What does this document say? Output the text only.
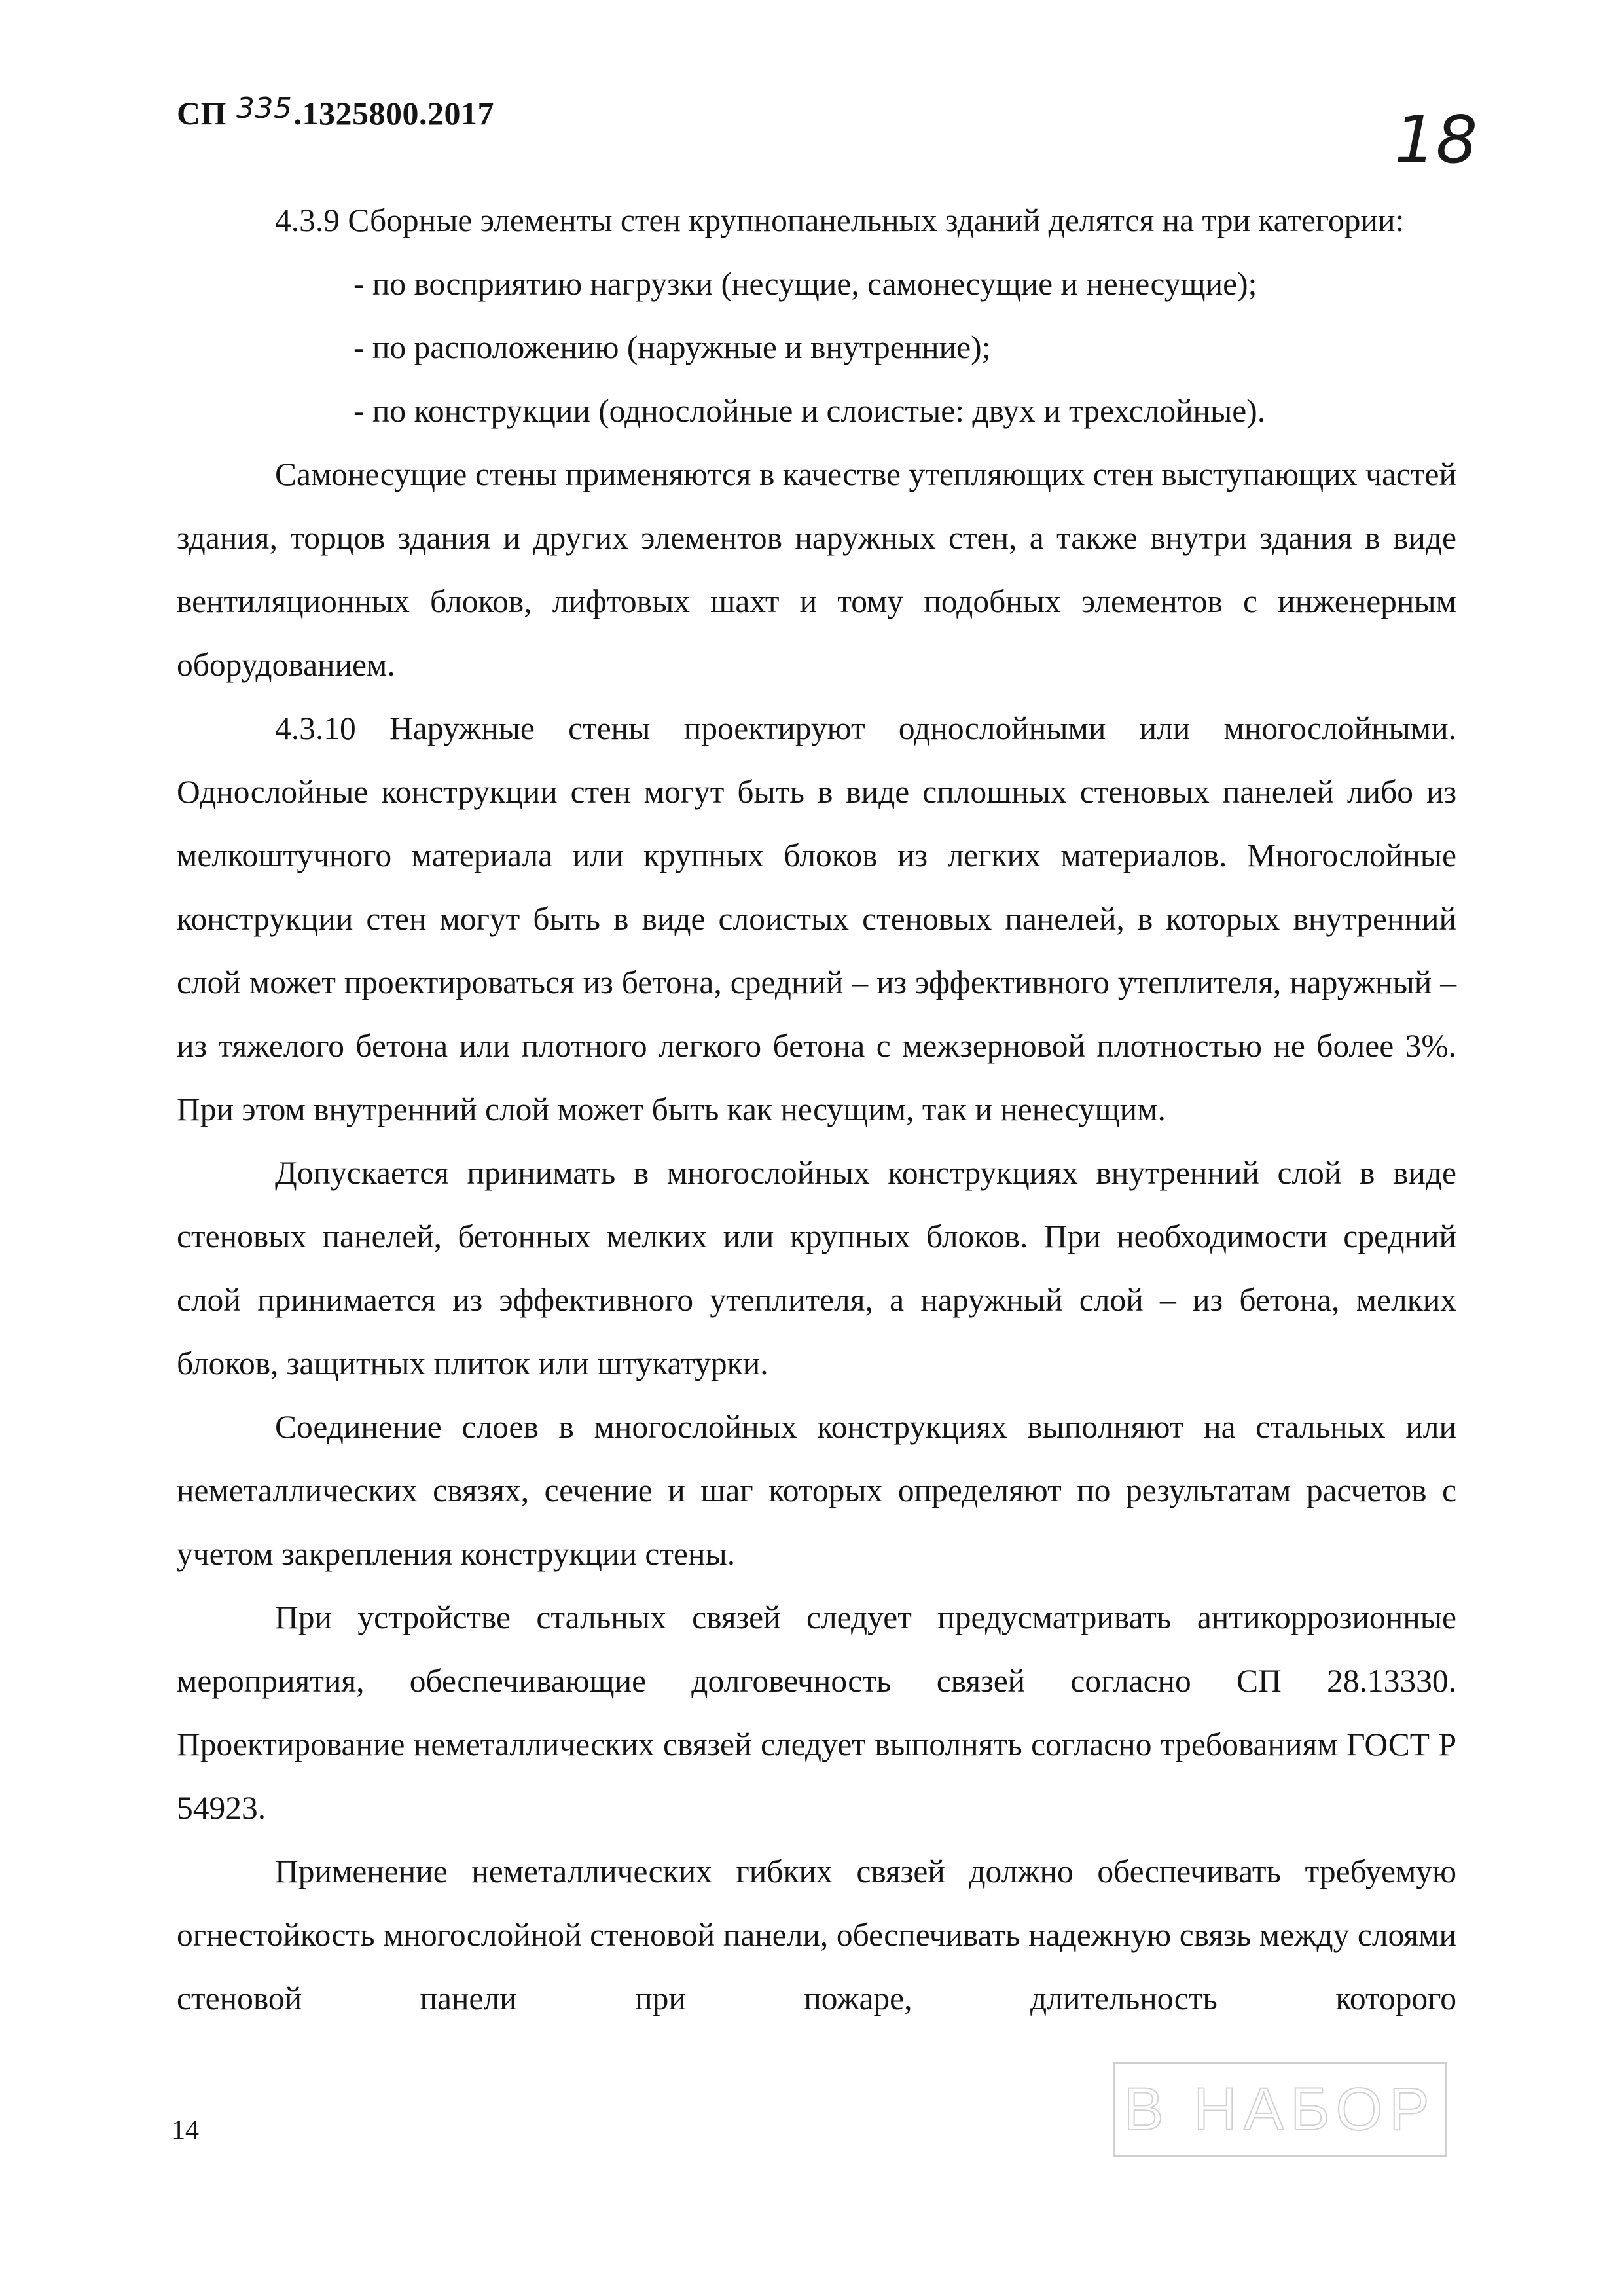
СП 335.1325800.2017	18

4.3.9 Сборные элементы стен крупнопанельных зданий делятся на три категории:

- по восприятию нагрузки (несущие, самонесущие и ненесущие);

- по расположению (наружные и внутренние);

- по конструкции (однослойные и слоистые: двух и трехслойные).

Самонесущие стены применяются в качестве утепляющих стен выступающих частей здания, торцов здания и других элементов наружных стен, а также внутри здания в виде вентиляционных блоков, лифтовых шахт и тому подобных элементов с инженерным оборудованием.

4.3.10 Наружные стены проектируют однослойными или многослойными. Однослойные конструкции стен могут быть в виде сплошных стеновых панелей либо из мелкоштучного материала или крупных блоков из легких материалов. Многослойные конструкции стен могут быть в виде слоистых стеновых панелей, в которых внутренний слой может проектироваться из бетона, средний – из эффективного утеплителя, наружный – из тяжелого бетона или плотного легкого бетона с межзерновой плотностью не более 3%. При этом внутренний слой может быть как несущим, так и ненесущим.

Допускается принимать в многослойных конструкциях внутренний слой в виде стеновых панелей, бетонных мелких или крупных блоков. При необходимости средний слой принимается из эффективного утеплителя, а наружный слой – из бетона, мелких блоков, защитных плиток или штукатурки.

Соединение слоев в многослойных конструкциях выполняют на стальных или неметаллических связях, сечение и шаг которых определяют по результатам расчетов с учетом закрепления конструкции стены.

При устройстве стальных связей следует предусматривать антикоррозионные мероприятия, обеспечивающие долговечность связей согласно СП 28.13330. Проектирование неметаллических связей следует выполнять согласно требованиям ГОСТ Р 54923.

Применение неметаллических гибких связей должно обеспечивать требуемую огнестойкость многослойной стеновой панели, обеспечивать надежную связь между слоями стеновой панели при пожаре, длительность которого

14	В НАБОР
